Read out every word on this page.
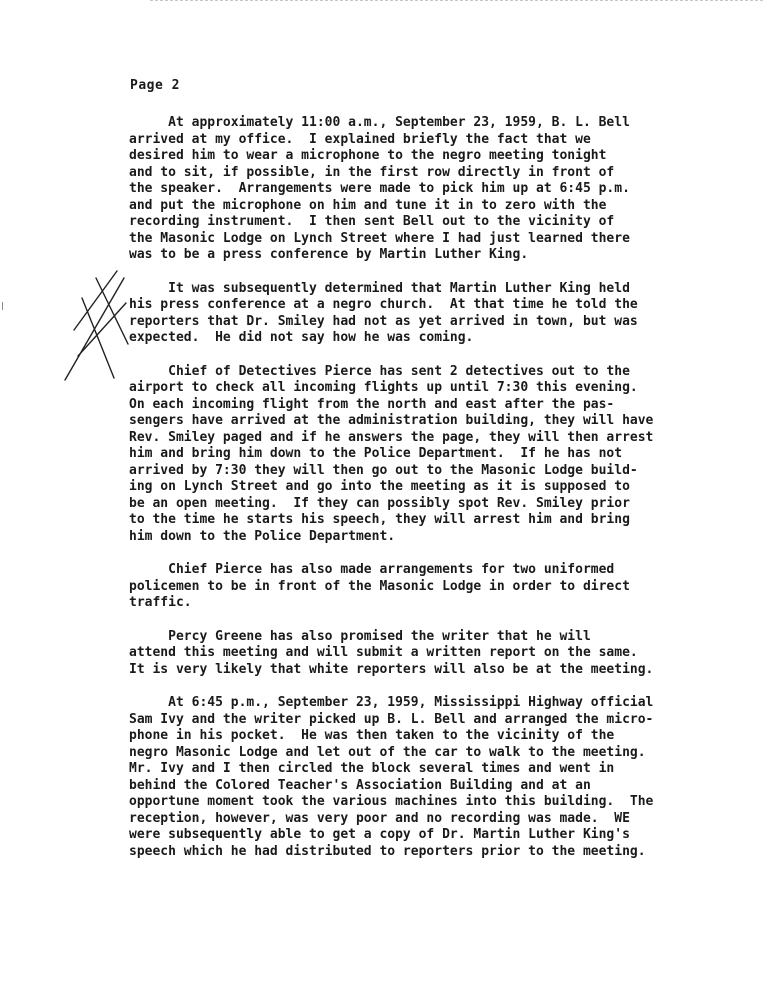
Page 2
At approximately 11:00 a.m., September 23, 1959, B. L. Bell
arrived at my office.  I explained briefly the fact that we
desired him to wear a microphone to the negro meeting tonight
and to sit, if possible, in the first row directly in front of
the speaker.  Arrangements were made to pick him up at 6:45 p.m.
and put the microphone on him and tune it in to zero with the
recording instrument.  I then sent Bell out to the vicinity of
the Masonic Lodge on Lynch Street where I had just learned there
was to be a press conference by Martin Luther King.
It was subsequently determined that Martin Luther King held
his press conference at a negro church.  At that time he told the
reporters that Dr. Smiley had not as yet arrived in town, but was
expected.  He did not say how he was coming.
Chief of Detectives Pierce has sent 2 detectives out to the
airport to check all incoming flights up until 7:30 this evening.
On each incoming flight from the north and east after the pas-
sengers have arrived at the administration building, they will have
Rev. Smiley paged and if he answers the page, they will then arrest
him and bring him down to the Police Department.  If he has not
arrived by 7:30 they will then go out to the Masonic Lodge build-
ing on Lynch Street and go into the meeting as it is supposed to
be an open meeting.  If they can possibly spot Rev. Smiley prior
to the time he starts his speech, they will arrest him and bring
him down to the Police Department.
Chief Pierce has also made arrangements for two uniformed
policemen to be in front of the Masonic Lodge in order to direct
traffic.
Percy Greene has also promised the writer that he will
attend this meeting and will submit a written report on the same.
It is very likely that white reporters will also be at the meeting.
At 6:45 p.m., September 23, 1959, Mississippi Highway official
Sam Ivy and the writer picked up B. L. Bell and arranged the micro-
phone in his pocket.  He was then taken to the vicinity of the
negro Masonic Lodge and let out of the car to walk to the meeting.
Mr. Ivy and I then circled the block several times and went in
behind the Colored Teacher's Association Building and at an
opportune moment took the various machines into this building.  The
reception, however, was very poor and no recording was made.  WE
were subsequently able to get a copy of Dr. Martin Luther King's
speech which he had distributed to reporters prior to the meeting.
